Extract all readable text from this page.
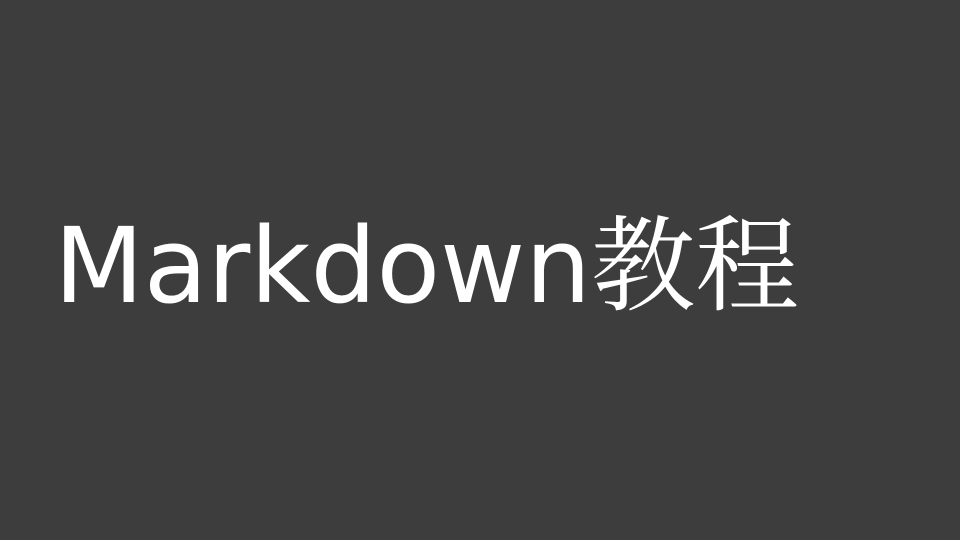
Markdown教程
